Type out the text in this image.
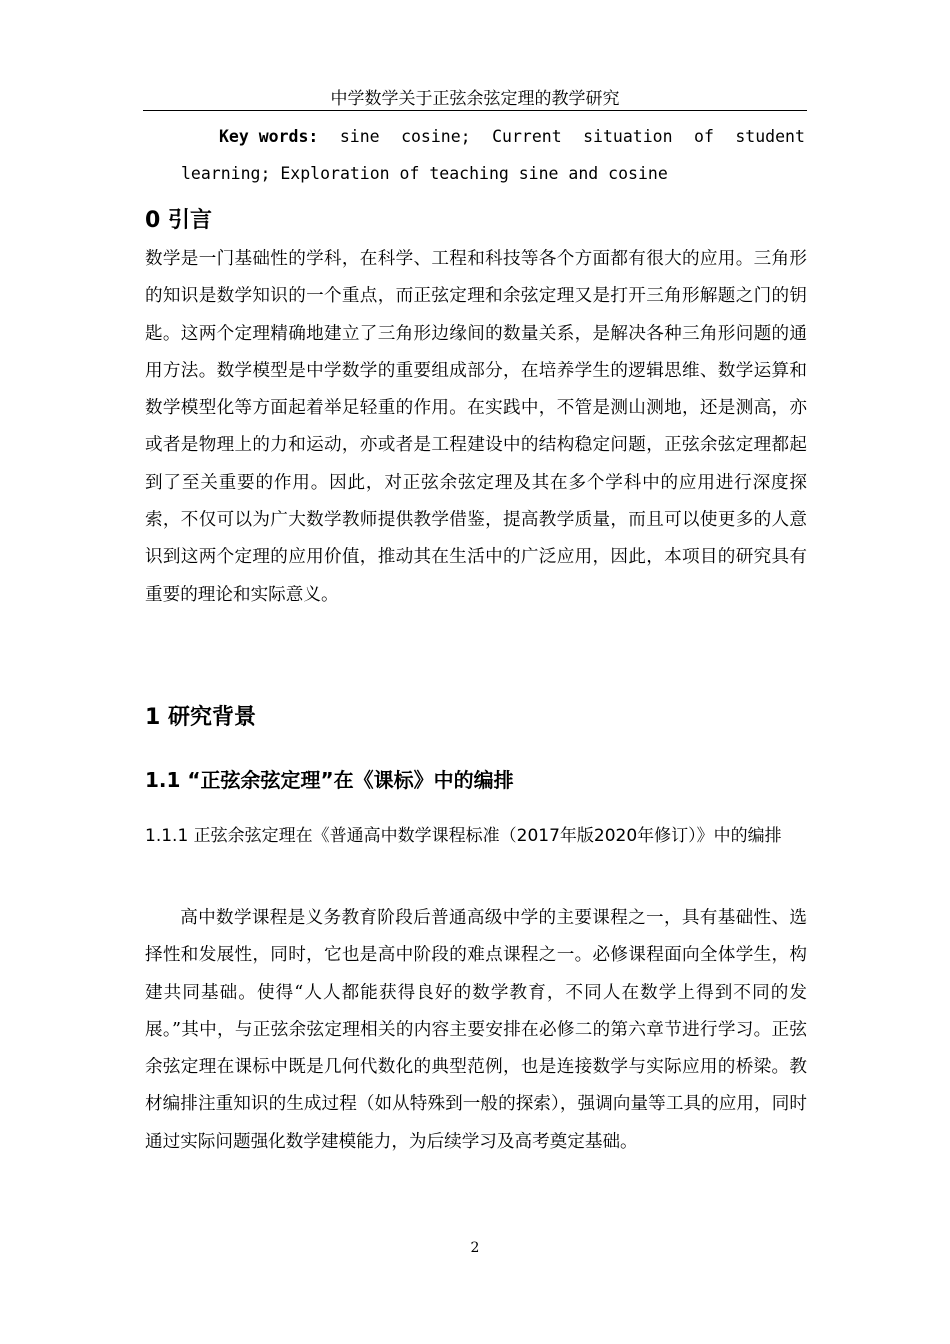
中学数学关于正弦余弦定理的教学研究
Key words: sine cosine; Current situation of student
learning; Exploration of teaching sine and cosine
0 引言
数学是一门基础性的学科，在科学、工程和科技等各个方面都有很大的应用。三角形的知识是数学知识的一个重点，而正弦定理和余弦定理又是打开三角形解题之门的钥匙。这两个定理精确地建立了三角形边缘间的数量关系，是解决各种三角形问题的通用方法。数学模型是中学数学的重要组成部分，在培养学生的逻辑思维、数学运算和数学模型化等方面起着举足轻重的作用。在实践中，不管是测山测地，还是测高，亦或者是物理上的力和运动，亦或者是工程建设中的结构稳定问题，正弦余弦定理都起到了至关重要的作用。因此，对正弦余弦定理及其在多个学科中的应用进行深度探索，不仅可以为广大数学教师提供教学借鉴，提高教学质量，而且可以使更多的人意识到这两个定理的应用价值，推动其在生活中的广泛应用，因此，本项目的研究具有重要的理论和实际意义。
1 研究背景
1.1 “正弦余弦定理”在《课标》中的编排
1.1.1 正弦余弦定理在《普通高中数学课程标准（2017年版2020年修订）》中的编排
高中数学课程是义务教育阶段后普通高级中学的主要课程之一，具有基础性、选择性和发展性，同时，它也是高中阶段的难点课程之一。必修课程面向全体学生，构建共同基础。使得“人人都能获得良好的数学教育，不同人在数学上得到不同的发展。”其中，与正弦余弦定理相关的内容主要安排在必修二的第六章节进行学习。正弦余弦定理在课标中既是几何代数化的典型范例，也是连接数学与实际应用的桥梁。教材编排注重知识的生成过程（如从特殊到一般的探索），强调向量等工具的应用，同时通过实际问题强化数学建模能力，为后续学习及高考奠定基础。
2
